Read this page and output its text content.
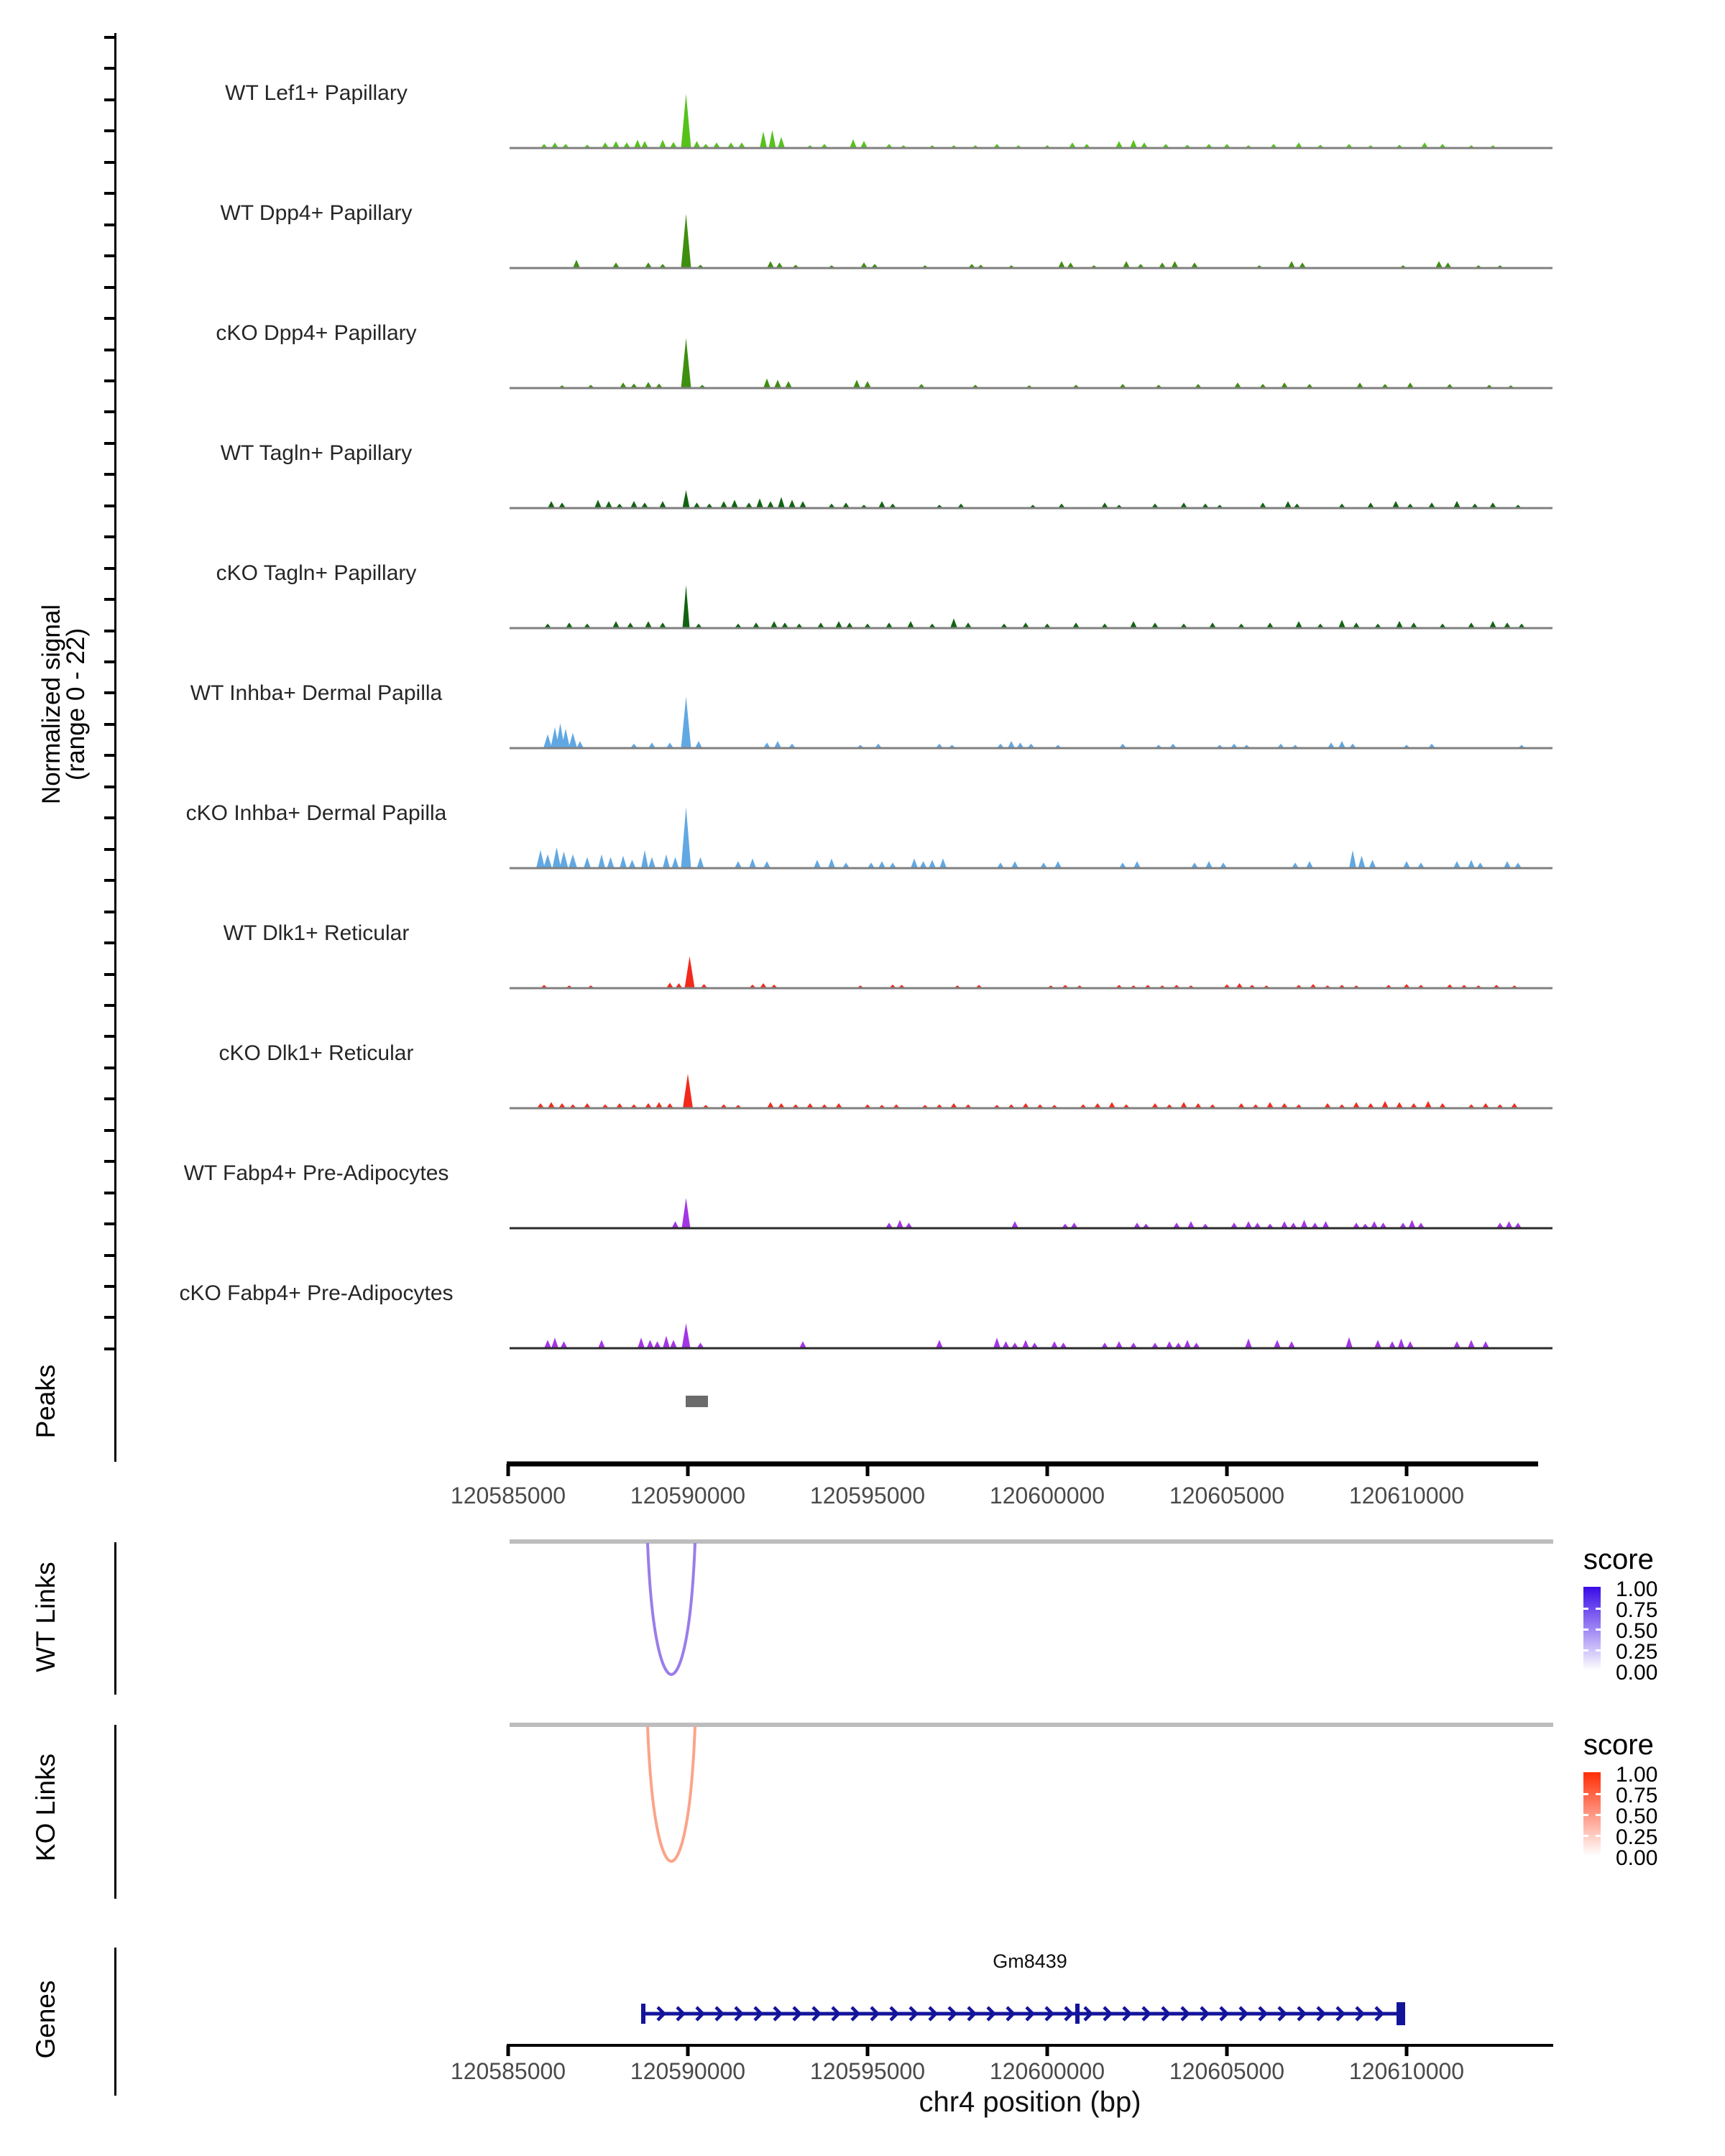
Normalized signal
(range 0 - 22)
WT Lef1+ Papillary
WT Dpp4+ Papillary
cKO Dpp4+ Papillary
WT Tagln+ Papillary
cKO Tagln+ Papillary
WT Inhba+ Dermal Papilla
cKO Inhba+ Dermal Papilla
WT Dlk1+ Reticular
cKO Dlk1+ Reticular
WT Fabp4+ Pre-Adipocytes
cKO Fabp4+ Pre-Adipocytes
Peaks
120585000	120590000	120595000	120600000	120605000	120610000
WT Links
KO Links
score
1.00
0.75
0.50
0.25
0.00
score
1.00
0.75
0.50
0.25
0.00
Genes
Gm8439
120585000	120590000	120595000	120600000	120605000	120610000
chr4 position (bp)
